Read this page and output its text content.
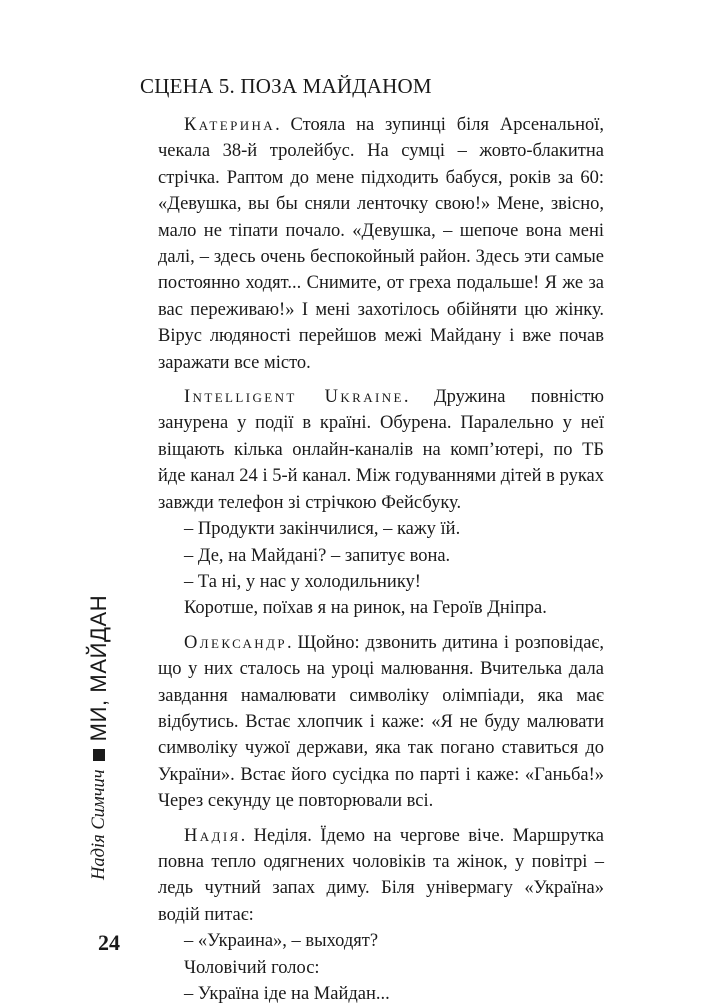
СЦЕНА 5. ПОЗА МАЙДАНОМ

Катерина. Стояла на зупинці біля Арсенальної, чекала 38-й тролейбус. На сумці – жовто-блакитна стрічка. Раптом до мене підходить бабуся, років за 60: «Девушка, вы бы сняли ленточку свою!» Мене, звісно, мало не тіпати почало. «Девушка, – шепоче вона мені далі, – здесь очень беспокойный район. Здесь эти самые постоянно ходят... Снимите, от греха подальше! Я же за вас переживаю!» І мені захотілось обійняти цю жінку. Вірус людяності перейшов межі Майдану і вже почав заражати все місто.

Intelligent Ukraine. Дружина повністю занурена у події в країні. Обурена. Паралельно у неї віщають кілька онлайн-каналів на комп’ютері, по ТБ йде канал 24 і 5-й канал. Між годуваннями дітей в руках завжди телефон зі стрічкою Фейсбуку.

– Продукти закінчилися, – кажу їй.

– Де, на Майдані? – запитує вона.

– Та ні, у нас у холодильнику!

Коротше, поїхав я на ринок, на Героїв Дніпра.

Олександр. Щойно: дзвонить дитина і розповідає, що у них сталось на уроці малювання. Вчителька дала завдання намалювати символіку олімпіади, яка має відбутись. Встає хлопчик і каже: «Я не буду малювати символіку чужої держави, яка так погано ставиться до України». Встає його сусідка по парті і каже: «Ганьба!» Через секунду це повторювали всі.

Надія. Неділя. Їдемо на чергове віче. Маршрутка повна тепло одягнених чоловіків та жінок, у повітрі – ледь чутний запах диму. Біля універмагу «Україна» водій питає:

– «Украина», – выходят?

Чоловічий голос:

– Україна іде на Майдан...

Надія Симчич
МИ, МАЙДАН
24
